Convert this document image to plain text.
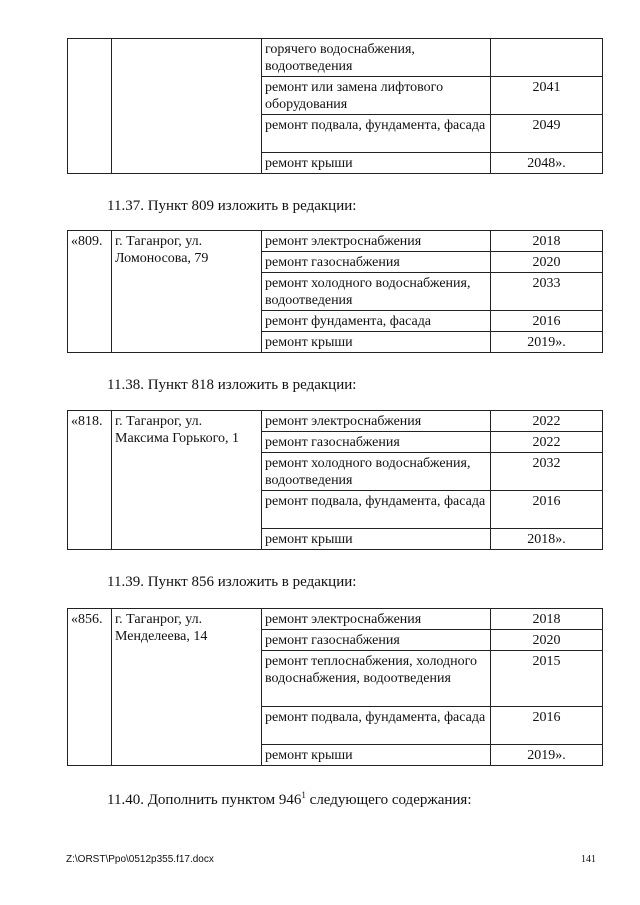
		горячего водоснабжения, водоотведения	
		ремонт или замена лифтового оборудования	2041
		ремонт подвала, фундамента, фасада	2049
		ремонт крыши	2048».
11.37. Пункт 809 изложить в редакции:
«809.	г. Таганрог, ул. Ломоносова, 79	ремонт электроснабжения	2018
		ремонт газоснабжения	2020
		ремонт холодного водоснабжения, водоотведения	2033
		ремонт фундамента, фасада	2016
		ремонт крыши	2019».
11.38. Пункт 818 изложить в редакции:
«818.	г. Таганрог, ул. Максима Горького, 1	ремонт электроснабжения	2022
		ремонт газоснабжения	2022
		ремонт холодного водоснабжения, водоотведения	2032
		ремонт подвала, фундамента, фасада	2016
		ремонт крыши	2018».
11.39. Пункт 856 изложить в редакции:
«856.	г. Таганрог, ул. Менделеева, 14	ремонт электроснабжения	2018
		ремонт газоснабжения	2020
		ремонт теплоснабжения, холодного водоснабжения, водоотведения	2015
		ремонт подвала, фундамента, фасада	2016
		ремонт крыши	2019».
11.40. Дополнить пунктом $946^1$ следующего содержания:
Z:\ORST\Ppo\0512p355.f17.docx	141
